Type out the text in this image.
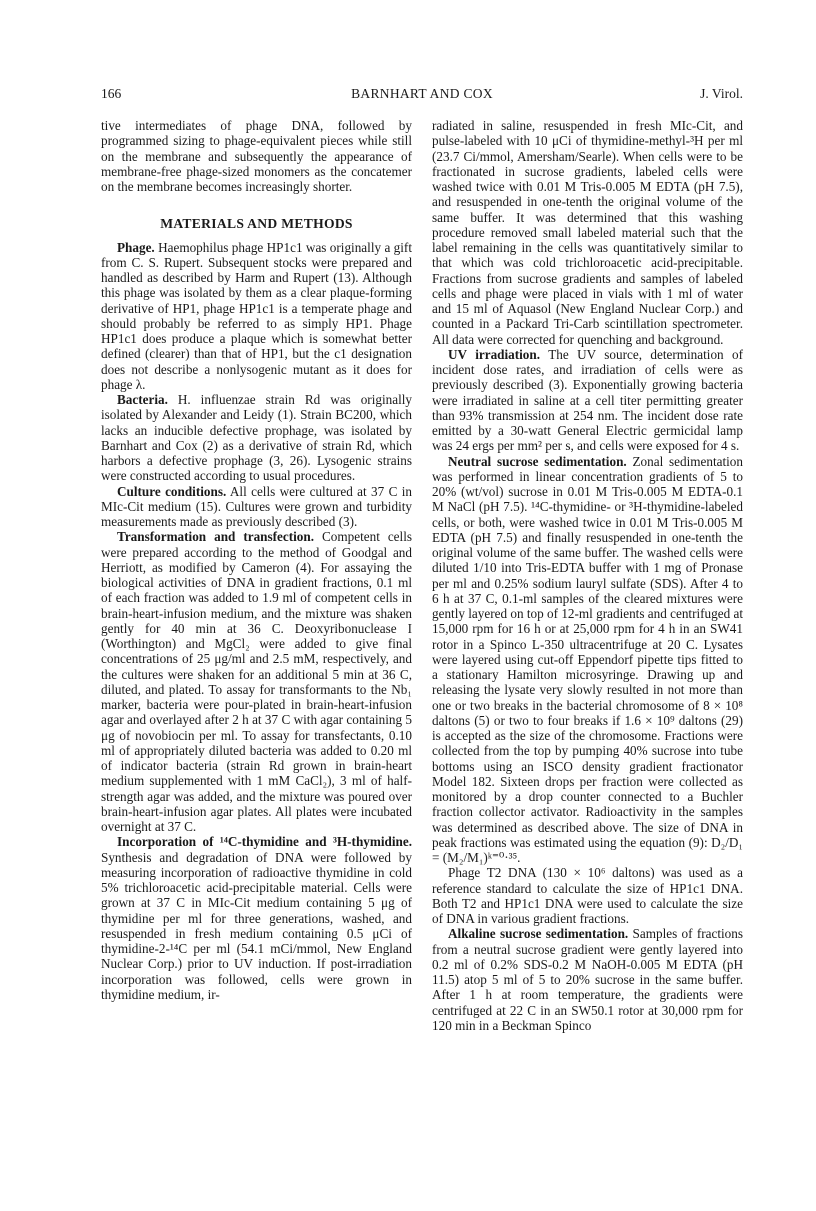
166	BARNHART AND COX	J. Virol.

tive intermediates of phage DNA, followed by programmed sizing to phage-equivalent pieces while still on the membrane and subsequently the appearance of membrane-free phage-sized monomers as the concatemer on the membrane becomes increasingly shorter.

MATERIALS AND METHODS

Phage. Haemophilus phage HP1c1 was originally a gift from C. S. Rupert. Subsequent stocks were prepared and handled as described by Harm and Rupert (13). Although this phage was isolated by them as a clear plaque-forming derivative of HP1, phage HP1c1 is a temperate phage and should probably be referred to as simply HP1. Phage HP1c1 does produce a plaque which is somewhat better defined (clearer) than that of HP1, but the c1 designation does not describe a nonlysogenic mutant as it does for phage λ.

Bacteria. H. influenzae strain Rd was originally isolated by Alexander and Leidy (1). Strain BC200, which lacks an inducible defective prophage, was isolated by Barnhart and Cox (2) as a derivative of strain Rd, which harbors a defective prophage (3, 26). Lysogenic strains were constructed according to usual procedures.

Culture conditions. All cells were cultured at 37 C in MIc-Cit medium (15). Cultures were grown and turbidity measurements made as previously described (3).

Transformation and transfection. Competent cells were prepared according to the method of Goodgal and Herriott, as modified by Cameron (4). For assaying the biological activities of DNA in gradient fractions, 0.1 ml of each fraction was added to 1.9 ml of competent cells in brain-heart-infusion medium, and the mixture was shaken gently for 40 min at 36 C. Deoxyribonuclease I (Worthington) and MgCl₂ were added to give final concentrations of 25 μg/ml and 2.5 mM, respectively, and the cultures were shaken for an additional 5 min at 36 C, diluted, and plated. To assay for transformants to the Nb₁ marker, bacteria were pour-plated in brain-heart-infusion agar and overlayed after 2 h at 37 C with agar containing 5 μg of novobiocin per ml. To assay for transfectants, 0.10 ml of appropriately diluted bacteria was added to 0.20 ml of indicator bacteria (strain Rd grown in brain-heart medium supplemented with 1 mM CaCl₂), 3 ml of half-strength agar was added, and the mixture was poured over brain-heart-infusion agar plates. All plates were incubated overnight at 37 C.

Incorporation of ¹⁴C-thymidine and ³H-thymidine. Synthesis and degradation of DNA were followed by measuring incorporation of radioactive thymidine in cold 5% trichloroacetic acid-precipitable material. Cells were grown at 37 C in MIc-Cit medium containing 5 μg of thymidine per ml for three generations, washed, and resuspended in fresh medium containing 0.5 μCi of thymidine-2-¹⁴C per ml (54.1 mCi/mmol, New England Nuclear Corp.) prior to UV induction. If post-irradiation incorporation was followed, cells were grown in thymidine medium, ir-

radiated in saline, resuspended in fresh MIc-Cit, and pulse-labeled with 10 μCi of thymidine-methyl-³H per ml (23.7 Ci/mmol, Amersham/Searle). When cells were to be fractionated in sucrose gradients, labeled cells were washed twice with 0.01 M Tris-0.005 M EDTA (pH 7.5), and resuspended in one-tenth the original volume of the same buffer. It was determined that this washing procedure removed small labeled material such that the label remaining in the cells was quantitatively similar to that which was cold trichloroacetic acid-precipitable. Fractions from sucrose gradients and samples of labeled cells and phage were placed in vials with 1 ml of water and 15 ml of Aquasol (New England Nuclear Corp.) and counted in a Packard Tri-Carb scintillation spectrometer. All data were corrected for quenching and background.

UV irradiation. The UV source, determination of incident dose rates, and irradiation of cells were as previously described (3). Exponentially growing bacteria were irradiated in saline at a cell titer permitting greater than 93% transmission at 254 nm. The incident dose rate emitted by a 30-watt General Electric germicidal lamp was 24 ergs per mm² per s, and cells were exposed for 4 s.

Neutral sucrose sedimentation. Zonal sedimentation was performed in linear concentration gradients of 5 to 20% (wt/vol) sucrose in 0.01 M Tris-0.005 M EDTA-0.1 M NaCl (pH 7.5). ¹⁴C-thymidine- or ³H-thymidine-labeled cells, or both, were washed twice in 0.01 M Tris-0.005 M EDTA (pH 7.5) and finally resuspended in one-tenth the original volume of the same buffer. The washed cells were diluted 1/10 into Tris-EDTA buffer with 1 mg of Pronase per ml and 0.25% sodium lauryl sulfate (SDS). After 4 to 6 h at 37 C, 0.1-ml samples of the cleared mixtures were gently layered on top of 12-ml gradients and centrifuged at 15,000 rpm for 16 h or at 25,000 rpm for 4 h in an SW41 rotor in a Spinco L-350 ultracentrifuge at 20 C. Lysates were layered using cut-off Eppendorf pipette tips fitted to a stationary Hamilton microsyringe. Drawing up and releasing the lysate very slowly resulted in not more than one or two breaks in the bacterial chromosome of 8 × 10⁸ daltons (5) or two to four breaks if 1.6 × 10⁹ daltons (29) is accepted as the size of the chromosome. Fractions were collected from the top by pumping 40% sucrose into tube bottoms using an ISCO density gradient fractionator Model 182. Sixteen drops per fraction were collected as monitored by a drop counter connected to a Buchler fraction collector activator. Radioactivity in the samples was determined as described above. The size of DNA in peak fractions was estimated using the equation (9): D₂/D₁ = (M₂/M₁)ᵏ⁼⁰·³⁵.

Phage T2 DNA (130 × 10⁶ daltons) was used as a reference standard to calculate the size of HP1c1 DNA. Both T2 and HP1c1 DNA were used to calculate the size of DNA in various gradient fractions.

Alkaline sucrose sedimentation. Samples of fractions from a neutral sucrose gradient were gently layered into 0.2 ml of 0.2% SDS-0.2 M NaOH-0.005 M EDTA (pH 11.5) atop 5 ml of 5 to 20% sucrose in the same buffer. After 1 h at room temperature, the gradients were centrifuged at 22 C in an SW50.1 rotor at 30,000 rpm for 120 min in a Beckman Spinco
